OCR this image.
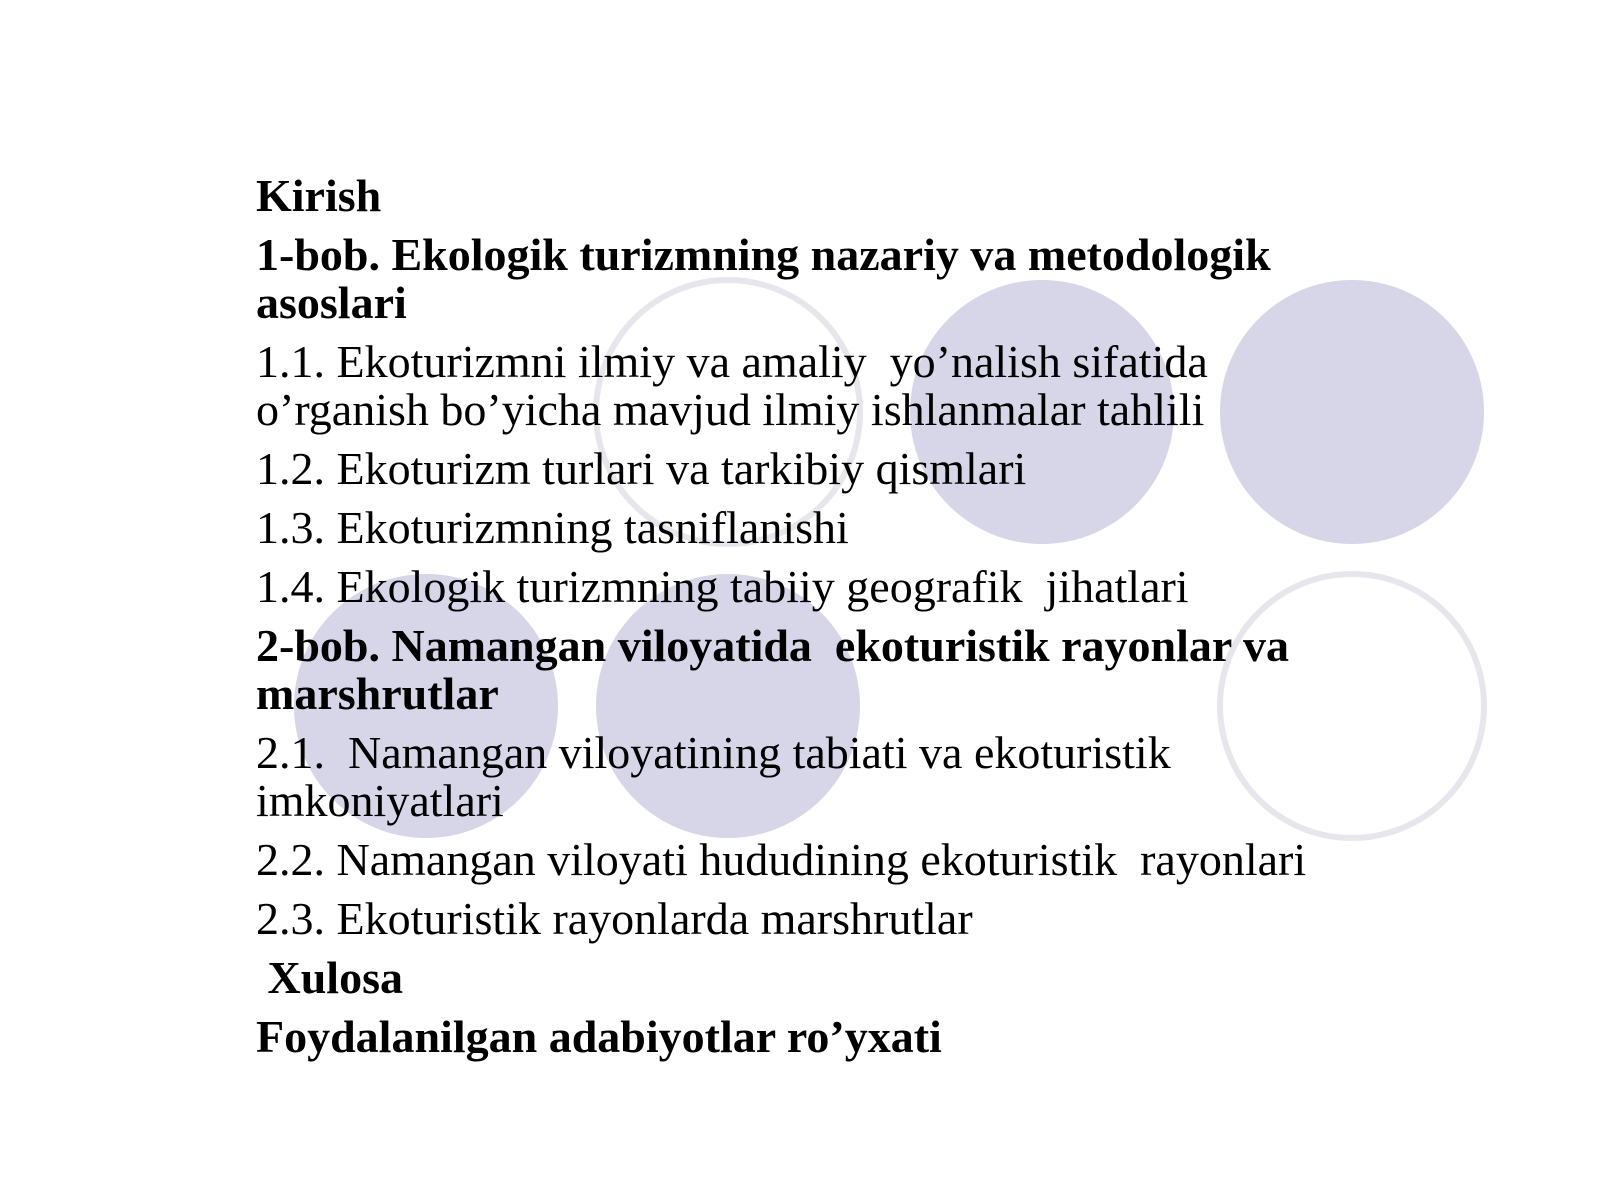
Kirish
1-bob. Ekologik turizmning nazariy va metodologik asoslari
1.1. Ekoturizmni ilmiy va amaliy  yo’nalish sifatida o’rganish bo’yicha mavjud ilmiy ishlanmalar tahlili
1.2. Ekoturizm turlari va tarkibiy qismlari
1.3. Ekoturizmning tasniflanishi
1.4. Ekologik turizmning tabiiy geografik  jihatlari
2-bob. Namangan viloyatida  ekoturistik rayonlar va marshrutlar
2.1.  Namangan viloyatining tabiati va ekoturistik imkoniyatlari
2.2. Namangan viloyati hududining ekoturistik  rayonlari
2.3. Ekoturistik rayonlarda marshrutlar
Xulosa
Foydalanilgan adabiyotlar ro’yxati
